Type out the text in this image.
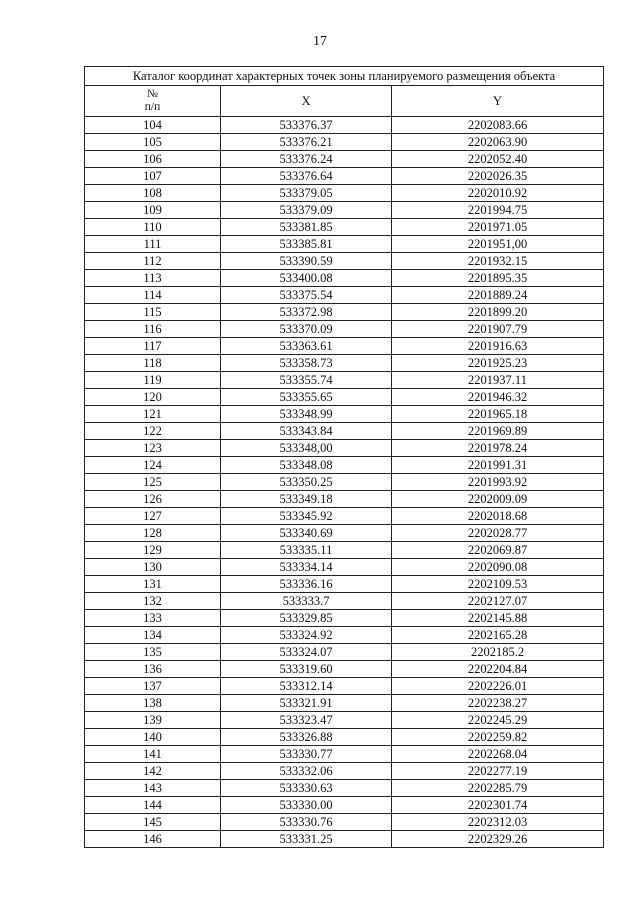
17
Каталог координат характерных точек зоны планируемого размещения объекта		

№
п/п	X	Y
104	533376.37	2202083.66
105	533376.21	2202063.90
106	533376.24	2202052.40
107	533376.64	2202026.35
108	533379.05	2202010.92
109	533379.09	2201994.75
110	533381.85	2201971.05
111	533385.81	2201951,00
112	533390.59	2201932.15
113	533400.08	2201895.35
114	533375.54	2201889.24
115	533372.98	2201899.20
116	533370.09	2201907.79
117	533363.61	2201916.63
118	533358.73	2201925.23
119	533355.74	2201937.11
120	533355.65	2201946.32
121	533348.99	2201965.18
122	533343.84	2201969.89
123	533348,00	2201978.24
124	533348.08	2201991.31
125	533350.25	2201993.92
126	533349.18	2202009.09
127	533345.92	2202018.68
128	533340.69	2202028.77
129	533335.11	2202069.87
130	533334.14	2202090.08
131	533336.16	2202109.53
132	533333.7	2202127.07
133	533329.85	2202145.88
134	533324.92	2202165.28
135	533324.07	2202185.2
136	533319.60	2202204.84
137	533312.14	2202226.01
138	533321.91	2202238.27
139	533323.47	2202245.29
140	533326.88	2202259.82
141	533330.77	2202268.04
142	533332.06	2202277.19
143	533330.63	2202285.79
144	533330.00	2202301.74
145	533330.76	2202312.03
146	533331.25	2202329.26
